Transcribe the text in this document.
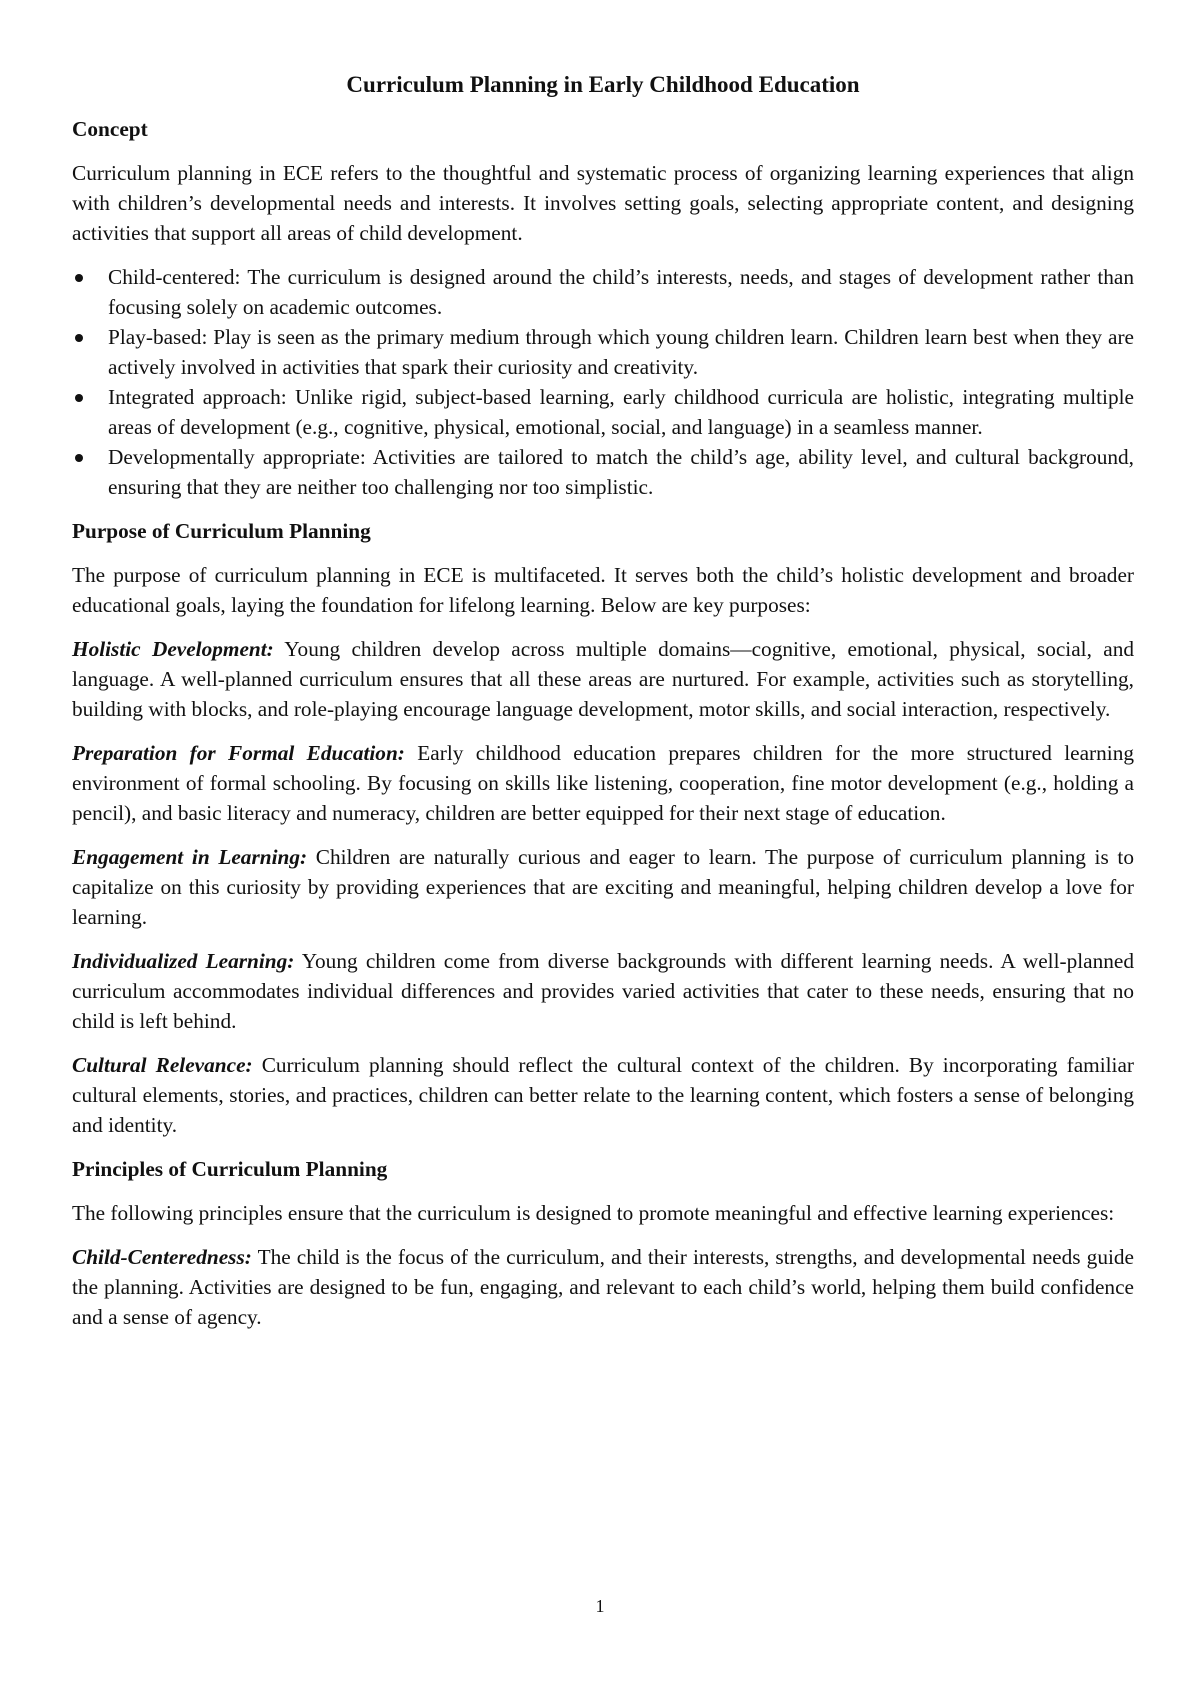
Curriculum Planning in Early Childhood Education
Concept

Curriculum planning in ECE refers to the thoughtful and systematic process of organizing learning experiences that align with children’s developmental needs and interests. It involves setting goals, selecting appropriate content, and designing activities that support all areas of child development.

Child-centered: The curriculum is designed around the child’s interests, needs, and stages of development rather than focusing solely on academic outcomes.
Play-based: Play is seen as the primary medium through which young children learn. Children learn best when they are actively involved in activities that spark their curiosity and creativity.
Integrated approach: Unlike rigid, subject-based learning, early childhood curricula are holistic, integrating multiple areas of development (e.g., cognitive, physical, emotional, social, and language) in a seamless manner.
Developmentally appropriate: Activities are tailored to match the child’s age, ability level, and cultural background, ensuring that they are neither too challenging nor too simplistic.
Purpose of Curriculum Planning

The purpose of curriculum planning in ECE is multifaceted. It serves both the child’s holistic development and broader educational goals, laying the foundation for lifelong learning. Below are key purposes:

Holistic Development: Young children develop across multiple domains—cognitive, emotional, physical, social, and language. A well-planned curriculum ensures that all these areas are nurtured. For example, activities such as storytelling, building with blocks, and role-playing encourage language development, motor skills, and social interaction, respectively.

Preparation for Formal Education: Early childhood education prepares children for the more structured learning environment of formal schooling. By focusing on skills like listening, cooperation, fine motor development (e.g., holding a pencil), and basic literacy and numeracy, children are better equipped for their next stage of education.

Engagement in Learning: Children are naturally curious and eager to learn. The purpose of curriculum planning is to capitalize on this curiosity by providing experiences that are exciting and meaningful, helping children develop a love for learning.

Individualized Learning: Young children come from diverse backgrounds with different learning needs. A well-planned curriculum accommodates individual differences and provides varied activities that cater to these needs, ensuring that no child is left behind.

Cultural Relevance: Curriculum planning should reflect the cultural context of the children. By incorporating familiar cultural elements, stories, and practices, children can better relate to the learning content, which fosters a sense of belonging and identity.

Principles of Curriculum Planning

The following principles ensure that the curriculum is designed to promote meaningful and effective learning experiences:

Child-Centeredness: The child is the focus of the curriculum, and their interests, strengths, and developmental needs guide the planning. Activities are designed to be fun, engaging, and relevant to each child’s world, helping them build confidence and a sense of agency.

1
